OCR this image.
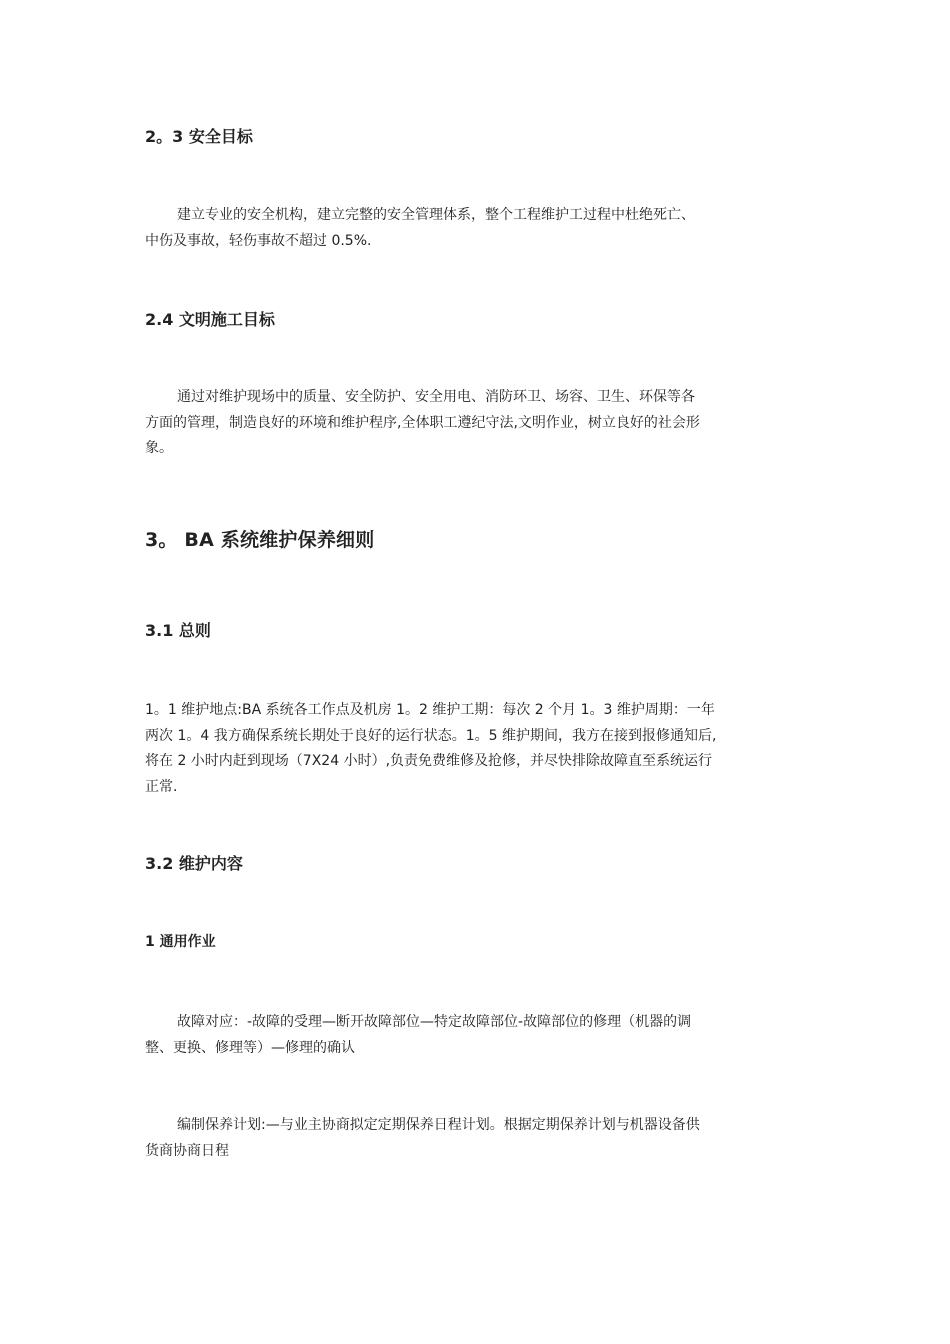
2。3 安全目标
建立专业的安全机构，建立完整的安全管理体系，整个工程维护工过程中杜绝死亡、
中伤及事故，轻伤事故不超过 0.5%.
2.4 文明施工目标
通过对维护现场中的质量、安全防护、安全用电、消防环卫、场容、卫生、环保等各
方面的管理，制造良好的环境和维护程序,全体职工遵纪守法,文明作业，树立良好的社会形
象。
3。 BA 系统维护保养细则
3.1 总则
1。1 维护地点:BA 系统各工作点及机房 1。2 维护工期：每次 2 个月 1。3 维护周期：一年
两次 1。4 我方确保系统长期处于良好的运行状态。1。5 维护期间，我方在接到报修通知后,
将在 2 小时内赶到现场（7X24 小时）,负责免费维修及抢修，并尽快排除故障直至系统运行
正常.
3.2 维护内容
1 通用作业
故障对应：-故障的受理—断开故障部位—特定故障部位-故障部位的修理（机器的调
整、更换、修理等）—修理的确认
编制保养计划:—与业主协商拟定定期保养日程计划。根据定期保养计划与机器设备供
货商协商日程
